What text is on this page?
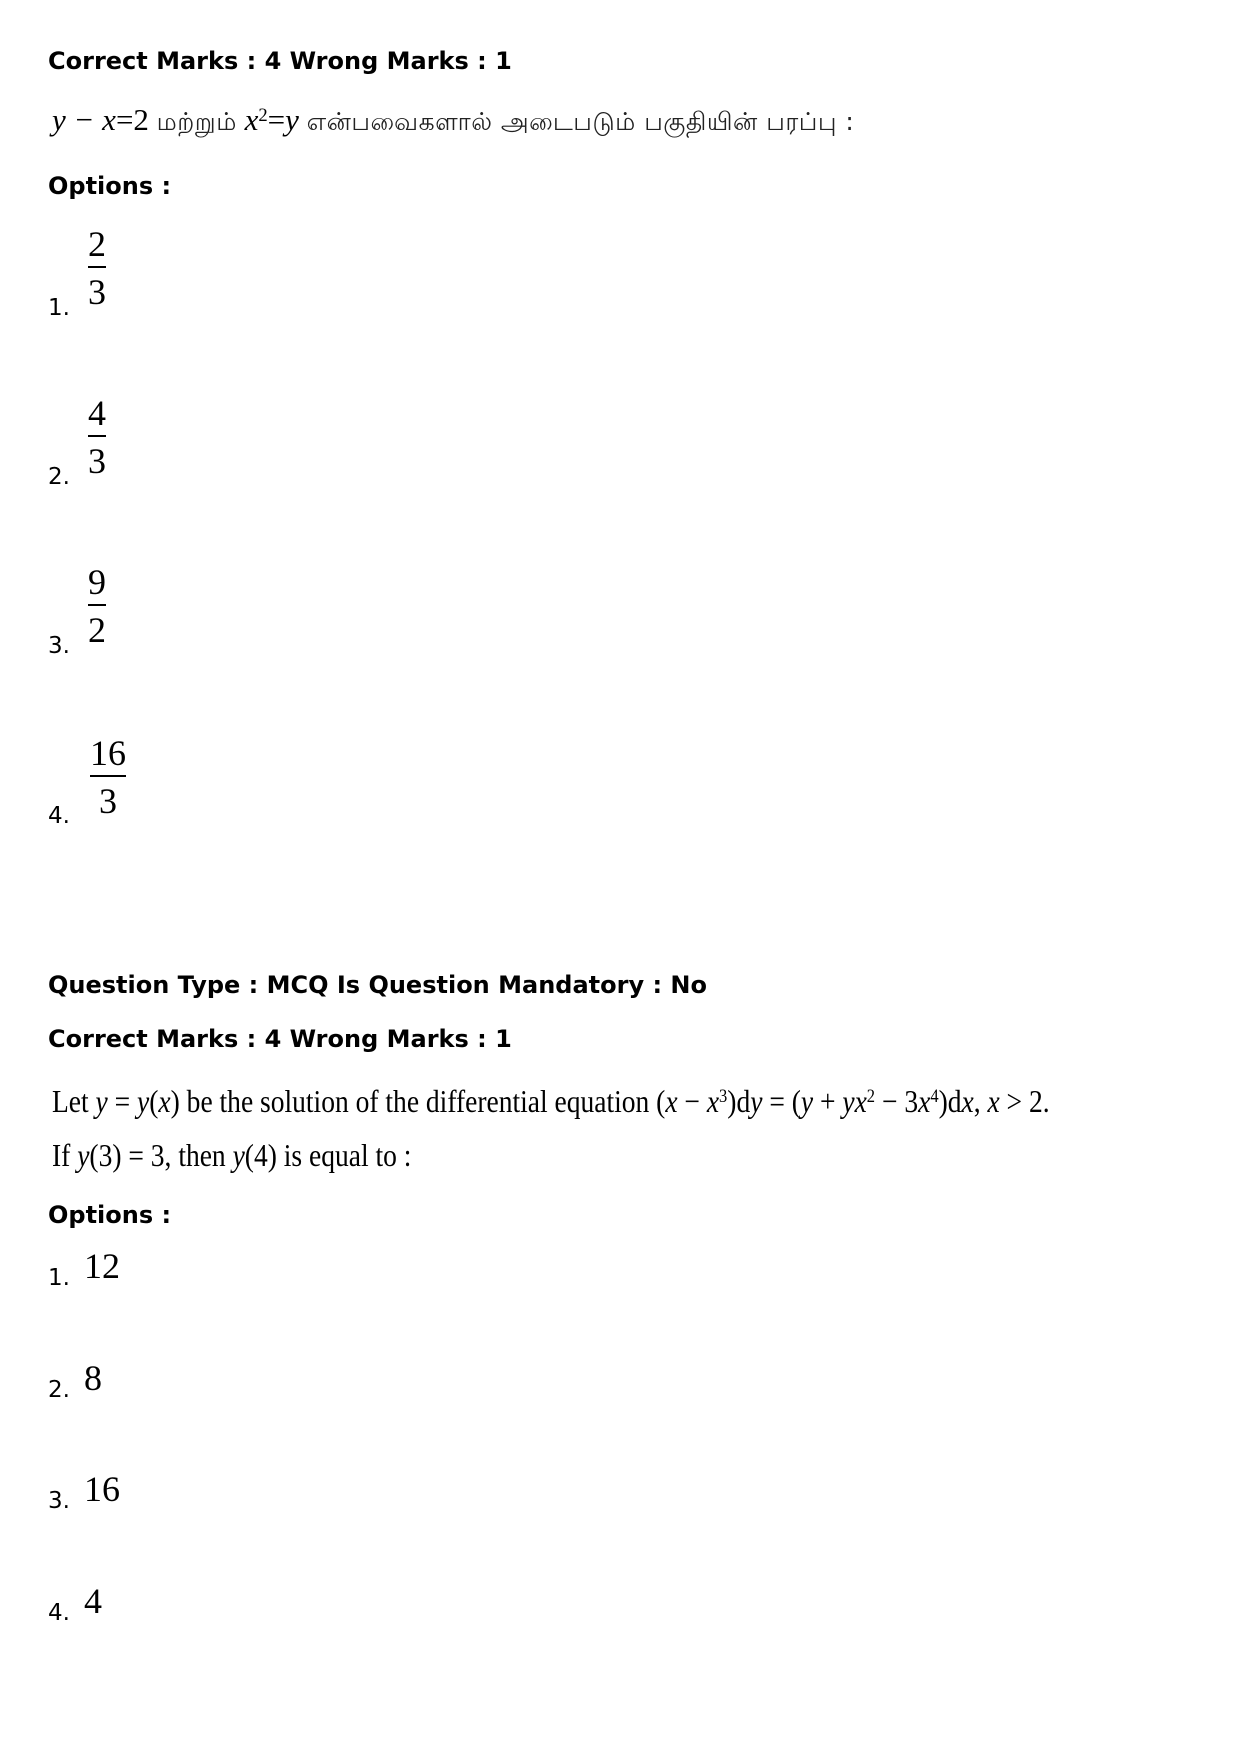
Correct Marks : 4 Wrong Marks : 1
y − x=2 மற்றும் $x^2=y$ என்பவைகளால் அடைபடும் பகுதியின் பரப்பு :
Options :
1.
2
3
2.
4
3
3.
9
2
4.
16
3
Question Type : MCQ Is Question Mandatory : No
Correct Marks : 4 Wrong Marks : 1
Let y = y(x) be the solution of the differential equation $(x - x^3)dy = (y + yx^2 - 3x^4)dx$, x > 2.
If y(3) = 3, then y(4) is equal to :
Options :
1. 12
2. 8
3. 16
4. 4
